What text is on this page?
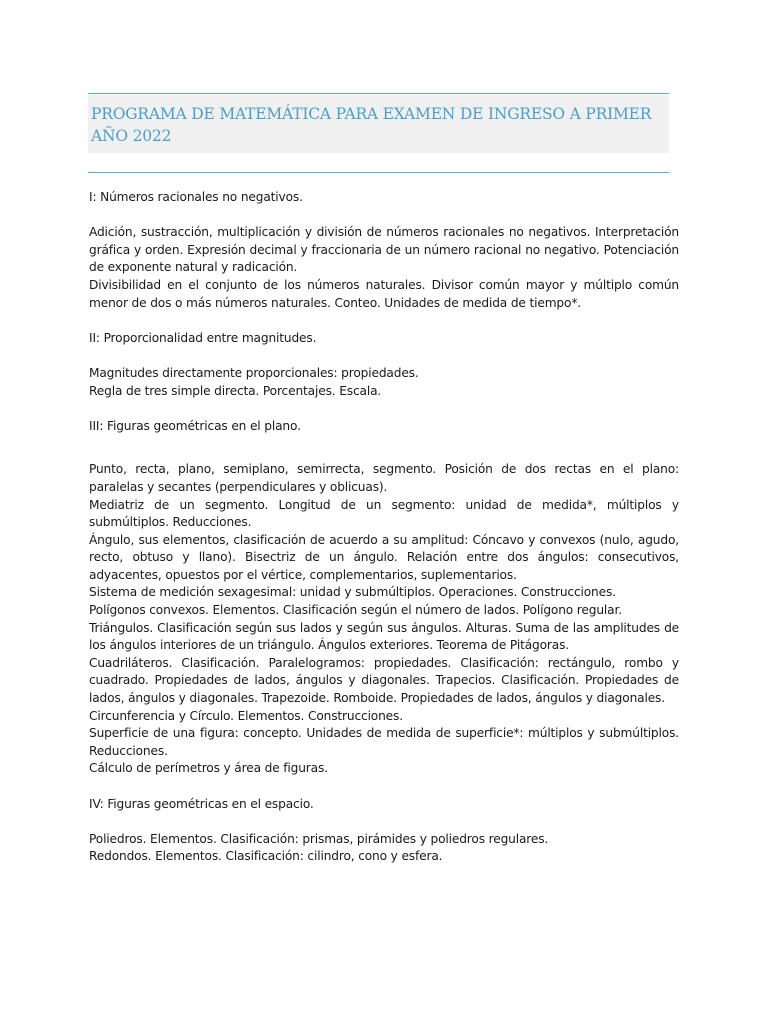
PROGRAMA DE MATEMÁTICA PARA EXAMEN DE INGRESO A PRIMER AÑO 2022

I: Números racionales no negativos.

Adición, sustracción, multiplicación y división de números racionales no negativos. Interpretación gráfica y orden. Expresión decimal y fraccionaria de un número racional no negativo. Potenciación de exponente natural y radicación.

Divisibilidad en el conjunto de los números naturales. Divisor común mayor y múltiplo común menor de dos o más números naturales. Conteo. Unidades de medida de tiempo*.

II: Proporcionalidad entre magnitudes.

Magnitudes directamente proporcionales: propiedades.

Regla de tres simple directa. Porcentajes. Escala.

III: Figuras geométricas en el plano.

Punto, recta, plano, semiplano, semirrecta, segmento. Posición de dos rectas en el plano: paralelas y secantes (perpendiculares y oblicuas).

Mediatriz de un segmento. Longitud de un segmento: unidad de medida*, múltiplos y submúltiplos. Reducciones.

Ángulo, sus elementos, clasificación de acuerdo a su amplitud: Cóncavo y convexos (nulo, agudo, recto, obtuso y llano). Bisectriz de un ángulo. Relación entre dos ángulos: consecutivos, adyacentes, opuestos por el vértice, complementarios, suplementarios.

Sistema de medición sexagesimal: unidad y submúltiplos. Operaciones. Construcciones.

Polígonos convexos. Elementos. Clasificación según el número de lados. Polígono regular.

Triángulos. Clasificación según sus lados y según sus ángulos. Alturas. Suma de las amplitudes de los ángulos interiores de un triángulo. Ángulos exteriores. Teorema de Pitágoras.

Cuadriláteros. Clasificación. Paralelogramos: propiedades. Clasificación: rectángulo, rombo y cuadrado. Propiedades de lados, ángulos y diagonales. Trapecios. Clasificación. Propiedades de lados, ángulos y diagonales. Trapezoide. Romboide. Propiedades de lados, ángulos y diagonales.

Circunferencia y Círculo. Elementos. Construcciones.

Superficie de una figura: concepto. Unidades de medida de superficie*: múltiplos y submúltiplos. Reducciones.

Cálculo de perímetros y área de figuras.

IV: Figuras geométricas en el espacio.

Poliedros. Elementos. Clasificación: prismas, pirámides y poliedros regulares.

Redondos. Elementos. Clasificación: cilindro, cono y esfera.
